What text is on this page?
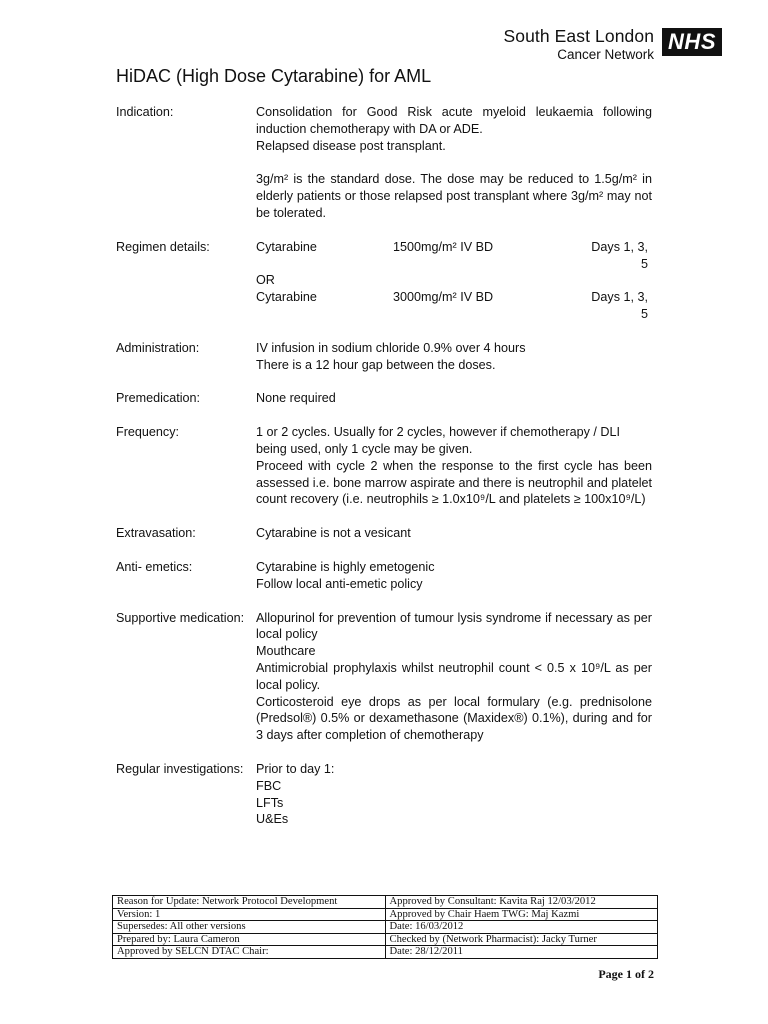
South East London
Cancer Network NHS
HiDAC (High Dose Cytarabine) for AML
Indication:	Consolidation for Good Risk acute myeloid leukaemia following induction chemotherapy with DA or ADE.

Relapsed disease post transplant.

3g/m² is the standard dose. The dose may be reduced to 1.5g/m² in elderly patients or those relapsed post transplant where 3g/m² may not be tolerated.

Regimen details:	Cytarabine	1500mg/m² IV BD	Days 1, 3, 5
OR
Cytarabine	3000mg/m² IV BD	Days 1, 3, 5
Administration:	IV infusion in sodium chloride 0.9% over 4 hours

There is a 12 hour gap between the doses.

Premedication:	None required

Frequency:	1 or 2 cycles. Usually for 2 cycles, however if chemotherapy / DLI being used, only 1 cycle may be given.

Proceed with cycle 2 when the response to the first cycle has been assessed i.e. bone marrow aspirate and there is neutrophil and platelet count recovery (i.e. neutrophils ≥ 1.0x10⁹/L and platelets ≥ 100x10⁹/L)

Extravasation:	Cytarabine is not a vesicant

Anti- emetics:	Cytarabine is highly emetogenic

Follow local anti-emetic policy

Supportive medication: Allopurinol for prevention of tumour lysis syndrome if necessary as per local policy

Mouthcare

Antimicrobial prophylaxis whilst neutrophil count < 0.5 x 10⁹/L as per local policy.

Corticosteroid eye drops as per local formulary (e.g. prednisolone (Predsol®) 0.5% or dexamethasone (Maxidex®) 0.1%), during and for 3 days after completion of chemotherapy

Regular investigations: Prior to day 1:

FBC

LFTs

U&Es

Reason for Update: Network Protocol Development	Approved by Consultant: Kavita Raj 12/03/2012
Version: 1	Approved by Chair Haem TWG: Maj Kazmi
Supersedes: All other versions	Date: 16/03/2012
Prepared by: Laura Cameron	Checked by (Network Pharmacist): Jacky Turner
Approved by SELCN DTAC Chair:	Date: 28/12/2011
Page 1 of 2
